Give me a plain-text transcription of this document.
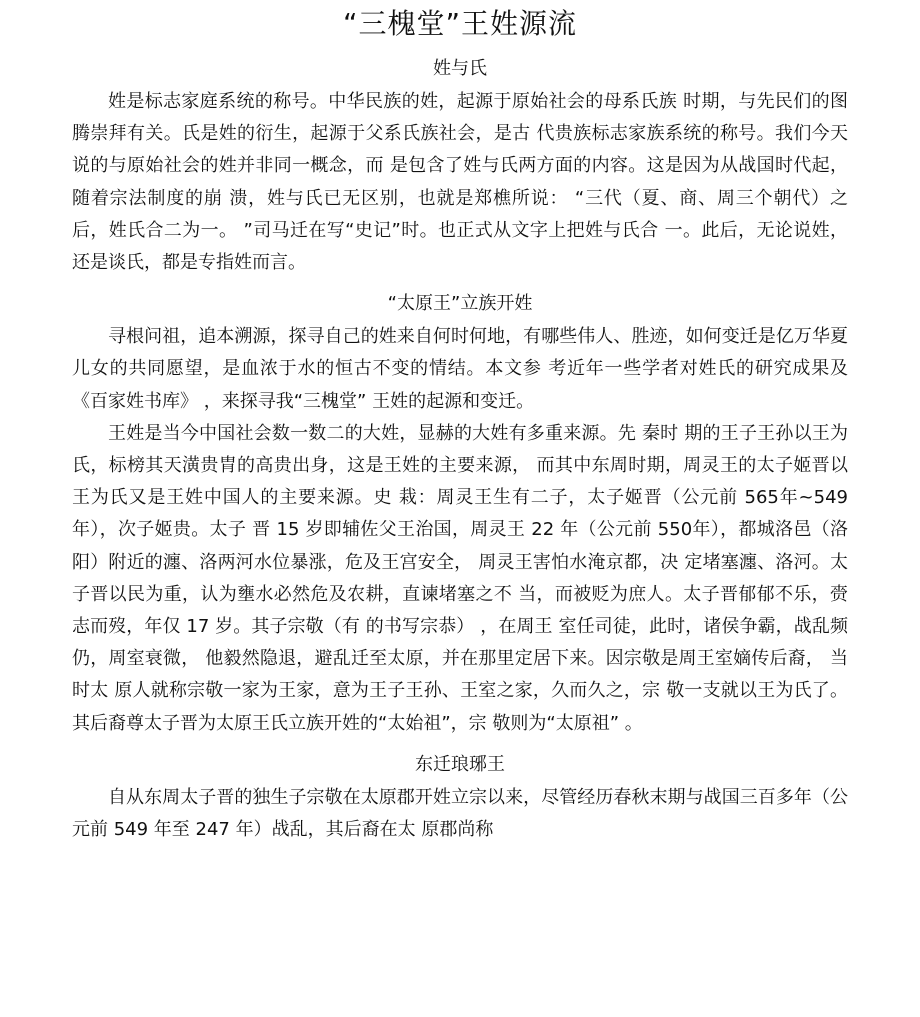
“三槐堂”王姓源流
姓与氏

姓是标志家庭系统的称号。中华民族的姓，起源于原始社会的母系氏族 时期，与先民们的图腾崇拜有关。氏是姓的衍生，起源于父系氏族社会，是古 代贵族标志家族系统的称号。我们今天说的与原始社会的姓并非同一概念，而 是包含了姓与氏两方面的内容。这是因为从战国时代起，随着宗法制度的崩 溃，姓与氏已无区别，也就是郑樵所说： “三代（夏、商、周三个朝代）之 后，姓氏合二为一。 ”司马迁在写“史记”时。也正式从文字上把姓与氏合 一。此后，无论说姓，还是谈氏，都是专指姓而言。

“太原王”立族开姓

寻根问祖，追本溯源，探寻自己的姓来自何时何地，有哪些伟人、胜迹，如何变迁是亿万华夏儿女的共同愿望，是血浓于水的恒古不变的情结。本文参 考近年一些学者对姓氏的研究成果及《百家姓书库》 ，来探寻我“三槐堂” 王姓的起源和变迁。

王姓是当今中国社会数一数二的大姓，显赫的大姓有多重来源。先 秦时 期的王子王孙以王为氏，标榜其天潢贵胄的高贵出身，这是王姓的主要来源， 而其中东周时期，周灵王的太子姬晋以王为氏又是王姓中国人的主要来源。史 栽：周灵王生有二子，太子姬晋（公元前 565年~549 年），次子姬贵。太子 晋 15 岁即辅佐父王治国，周灵王 22 年（公元前 550年），都城洛邑（洛 阳）附近的瀍、洛两河水位暴涨，危及王宫安全， 周灵王害怕水淹京都，决 定堵塞瀍、洛河。太子晋以民为重，认为壅水必然危及农耕，直谏堵塞之不 当，而被贬为庶人。太子晋郁郁不乐，赍志而歿，年仅 17 岁。其子宗敬（有 的书写宗恭） ，在周王 室任司徒，此时，诸侯争霸，战乱频仍，周室衰微， 他毅然隐退，避乱迁至太原，并在那里定居下来。因宗敬是周王室嫡传后裔， 当时太 原人就称宗敬一家为王家，意为王子王孙、王室之家，久而久之，宗 敬一支就以王为氏了。其后裔尊太子晋为太原王氏立族开姓的“太始祖”，宗 敬则为“太原祖” 。

东迁琅琊王

自从东周太子晋的独生子宗敬在太原郡开姓立宗以来，尽管经历春秋末期与战国三百多年（公元前 549 年至 247 年）战乱，其后裔在太 原郡尚称
